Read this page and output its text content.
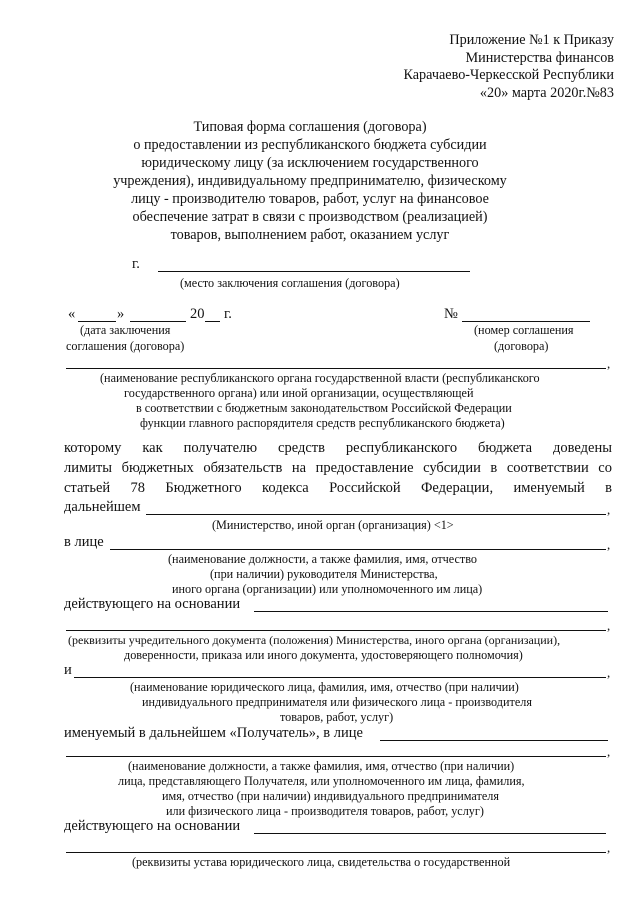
Приложение №1 к Приказу
Министерства финансов
Карачаево-Черкесской Республики
«20» марта 2020г.№83
Типовая форма соглашения (договора)
о предоставлении из республиканского бюджета субсидии
юридическому лицу (за исключением государственного
учреждения), индивидуальному предпринимателю, физическому
лицу - производителю товаров, работ, услуг на финансовое
обеспечение затрат в связи с производством (реализацией)
товаров, выполнением работ, оказанием услуг
г.
(место заключения соглашения (договора)
«	»	20 г.
(дата заключения
соглашения (договора)
№
(номер соглашения
(договора)
,
(наименование республиканского органа государственной власти (республиканского
государственного органа) или иной организации, осуществляющей
в соответствии с бюджетным законодательством Российской Федерации
функции главного распорядителя средств республиканского бюджета)
которому как получателю средств республиканского бюджета доведены
лимиты бюджетных обязательств на предоставление субсидии в соответствии со
статьей 78 Бюджетного кодекса Российской Федерации, именуемый в
дальнейшем	,
(Министерство, иной орган (организация) <1>
в лице	,
(наименование должности, а также фамилия, имя, отчество
(при наличии) руководителя Министерства,
иного органа (организации) или уполномоченного им лица)
действующего на основании
,
(реквизиты учредительного документа (положения) Министерства, иного органа (организации),
доверенности, приказа или иного документа, удостоверяющего полномочия)
и	,
(наименование юридического лица, фамилия, имя, отчество (при наличии)
индивидуального предпринимателя или физического лица - производителя
товаров, работ, услуг)
именуемый в дальнейшем «Получатель», в лице
,
(наименование должности, а также фамилия, имя, отчество (при наличии)
лица, представляющего Получателя, или уполномоченного им лица, фамилия,
имя, отчество (при наличии) индивидуального предпринимателя
или физического лица - производителя товаров, работ, услуг)
действующего на основании
,
(реквизиты устава юридического лица, свидетельства о государственной
